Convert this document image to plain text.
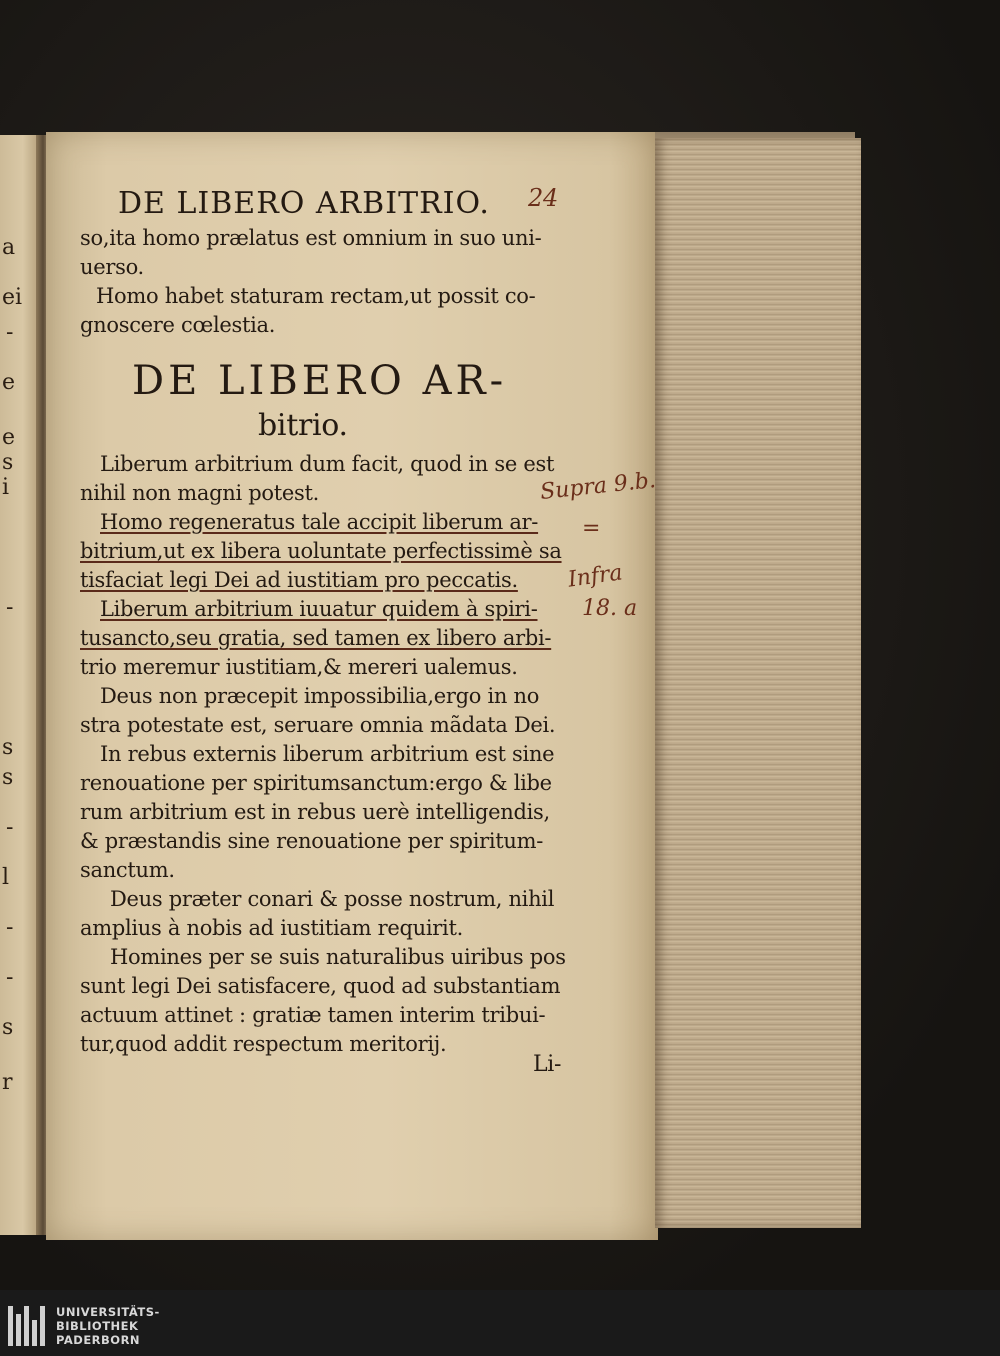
a
ei
-
e
e
s
i
-
s
s
-
l
-
-
s
r
DE LIBERO ARBITRIO. 24
so,ita homo prælatus est omnium in suo uni-
uerso.
Homo habet staturam rectam,ut possit co-
gnoscere cœlestia.
DE LIBERO AR-
bitrio.
Liberum arbitrium dum facit, quod in se est
nihil non magni potest.
Homo regeneratus tale accipit liberum ar-
bitrium,ut ex libera uoluntate perfectissimè sa
tisfaciat legi Dei ad iustitiam pro peccatis.
Liberum arbitrium iuuatur quidem à spiri-
tusancto,seu gratia, sed tamen ex libero arbi-
trio meremur iustitiam,& mereri ualemus.
Deus non præcepit impossibilia,ergo in no
stra potestate est, seruare omnia mãdata Dei.
In rebus externis liberum arbitrium est sine
renouatione per spiritumsanctum:ergo & libe
rum arbitrium est in rebus uerè intelligendis,
& præstandis sine renouatione per spiritum-
sanctum.
Deus præter conari & posse nostrum, nihil
amplius à nobis ad iustitiam requirit.
Homines per se suis naturalibus uiribus pos
sunt legi Dei satisfacere, quod ad substantiam
actuum attinet : gratiæ tamen interim tribui-
tur,quod addit respectum meritorij.
Li-
Supra 9.b.
=
Infra
18. a
UNIVERSITÄTS-
BIBLIOTHEK
PADERBORN
